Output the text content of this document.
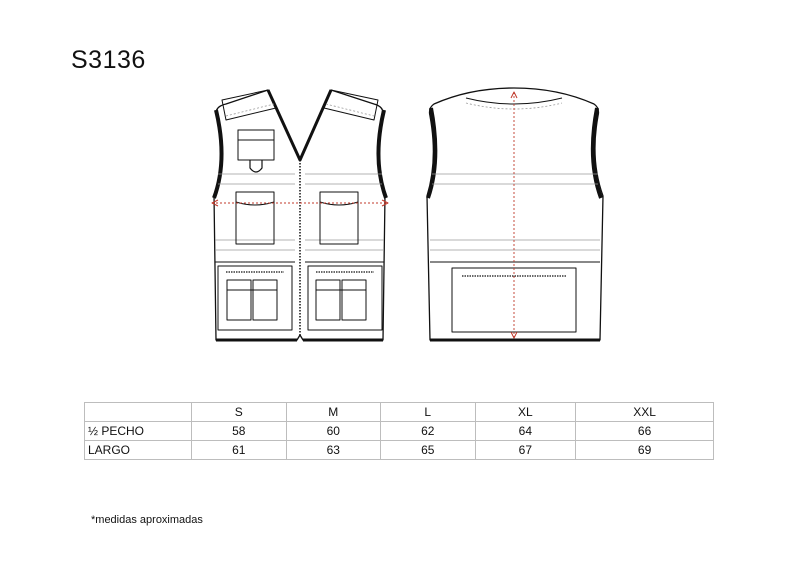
S3136
	S	M	L	XL	XXL
½ PECHO	58	60	62	64	66
LARGO	61	63	65	67	69
*medidas aproximadas
